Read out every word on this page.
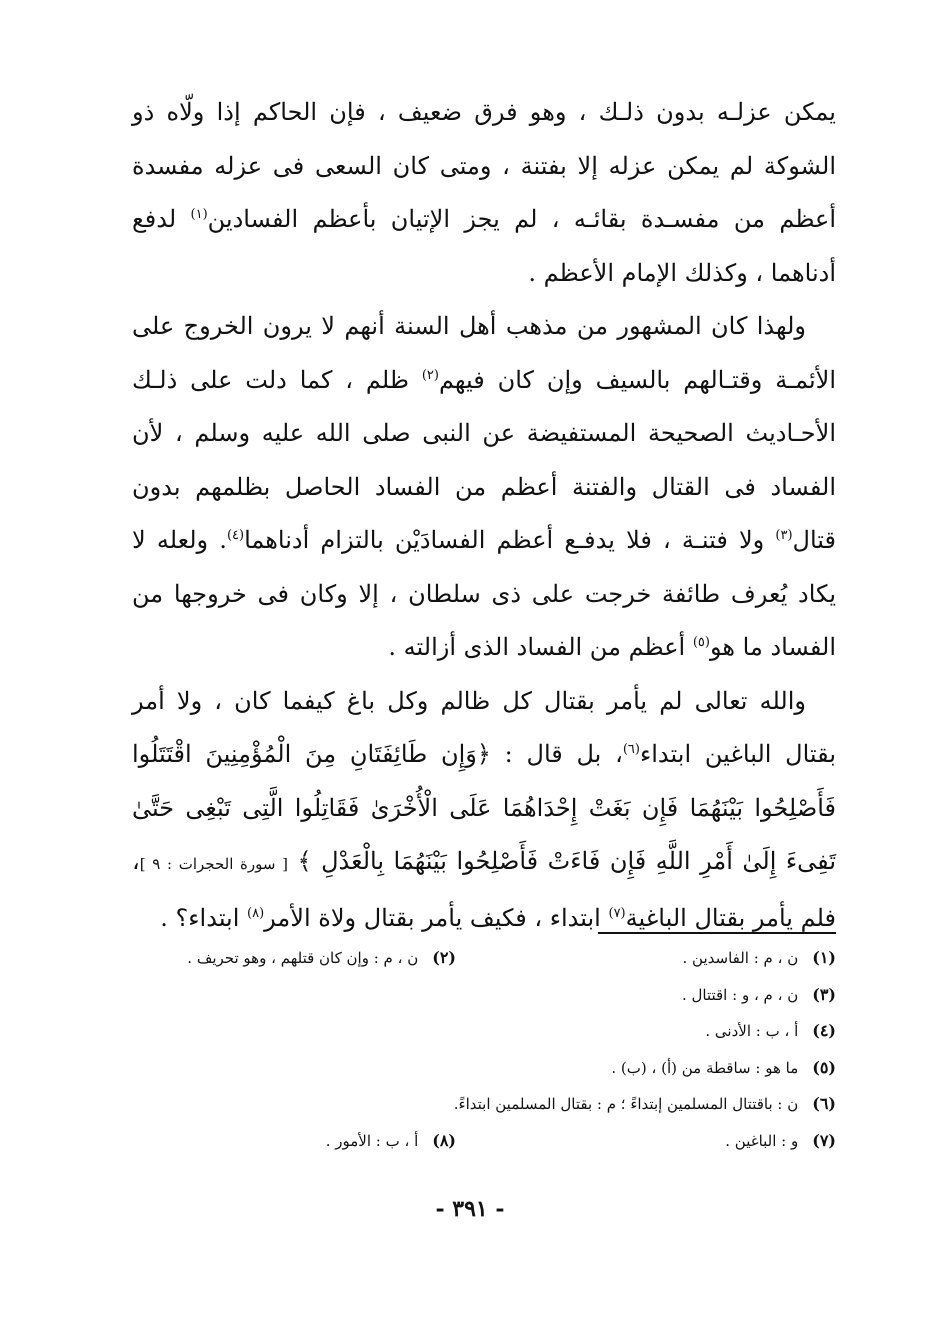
يمكن عزلـه بدون ذلـك ، وهو فرق ضعيف ، فإن الحاكم إذا ولّاه ذو الشوكة لم يمكن عزله إلا بفتنة ، ومتى كان السعى فى عزله مفسدة أعظم من مفسـدة بقائـه ، لم يجز الإتيان بأعظم الفسادين$^{(١)}$ لدفع أدناهما ، وكذلك الإمام الأعظم .

ولهذا كان المشهور من مذهب أهل السنة أنهم لا يرون الخروج على الأئمـة وقتـالهم بالسيف وإن كان فيهم$^{(٢)}$ ظلم ، كما دلت على ذلـك الأحـاديث الصحيحة المستفيضة عن النبى صلى الله عليه وسلم ، لأن الفساد فى القتال والفتنة أعظم من الفساد الحاصل بظلمهم بدون قتال$^{(٣)}$ ولا فتنـة ، فلا يدفـع أعظم الفسادَيْن بالتزام أدناهما$^{(٤)}$. ولعله لا يكاد يُعرف طائفة خرجت على ذى سلطان ، إلا وكان فى خروجها من الفساد ما هو$^{(٥)}$ أعظم من الفساد الذى أزالته .

والله تعالى لم يأمر بقتال كل ظالم وكل باغ كيفما كان ، ولا أمر بقتال الباغين ابتداء$^{(٦)}$، بل قال : ﴿وَإِن طَائِفَتَانِ مِنَ الْمُؤْمِنِينَ اقْتَتَلُوا فَأَصْلِحُوا بَيْنَهُمَا فَإِن بَغَتْ إِحْدَاهُمَا عَلَى الْأُخْرَىٰ فَقَاتِلُوا الَّتِى تَبْغِى حَتَّىٰ تَفِىءَ إِلَىٰ أَمْرِ اللَّهِ فَإِن فَاءَتْ فَأَصْلِحُوا بَيْنَهُمَا بِالْعَدْلِ ﴾ [ سورة الحجرات : ٩ ]، فلم يأمر بقتال الباغية$^{(٧)}$ ابتداء ، فكيف يأمر بقتال ولاة الأمر$^{(٨)}$ ابتداء؟ .

(١)ن ، م : الفاسدين .
(٢)ن ، م : وإن كان قتلهم ، وهو تحريف .
(٣)ن ، م ، و : اقتتال .
(٤)أ ، ب : الأدنى .
(٥)ما هو : ساقطة من (أ) ، (ب) .
(٦)ن : باقتتال المسلمين إبتداءً ؛ م : بقتال المسلمين ابتداءً.
(٧)و : الباغين .
(٨)أ ، ب : الأمور .
- ٣٩١ -
